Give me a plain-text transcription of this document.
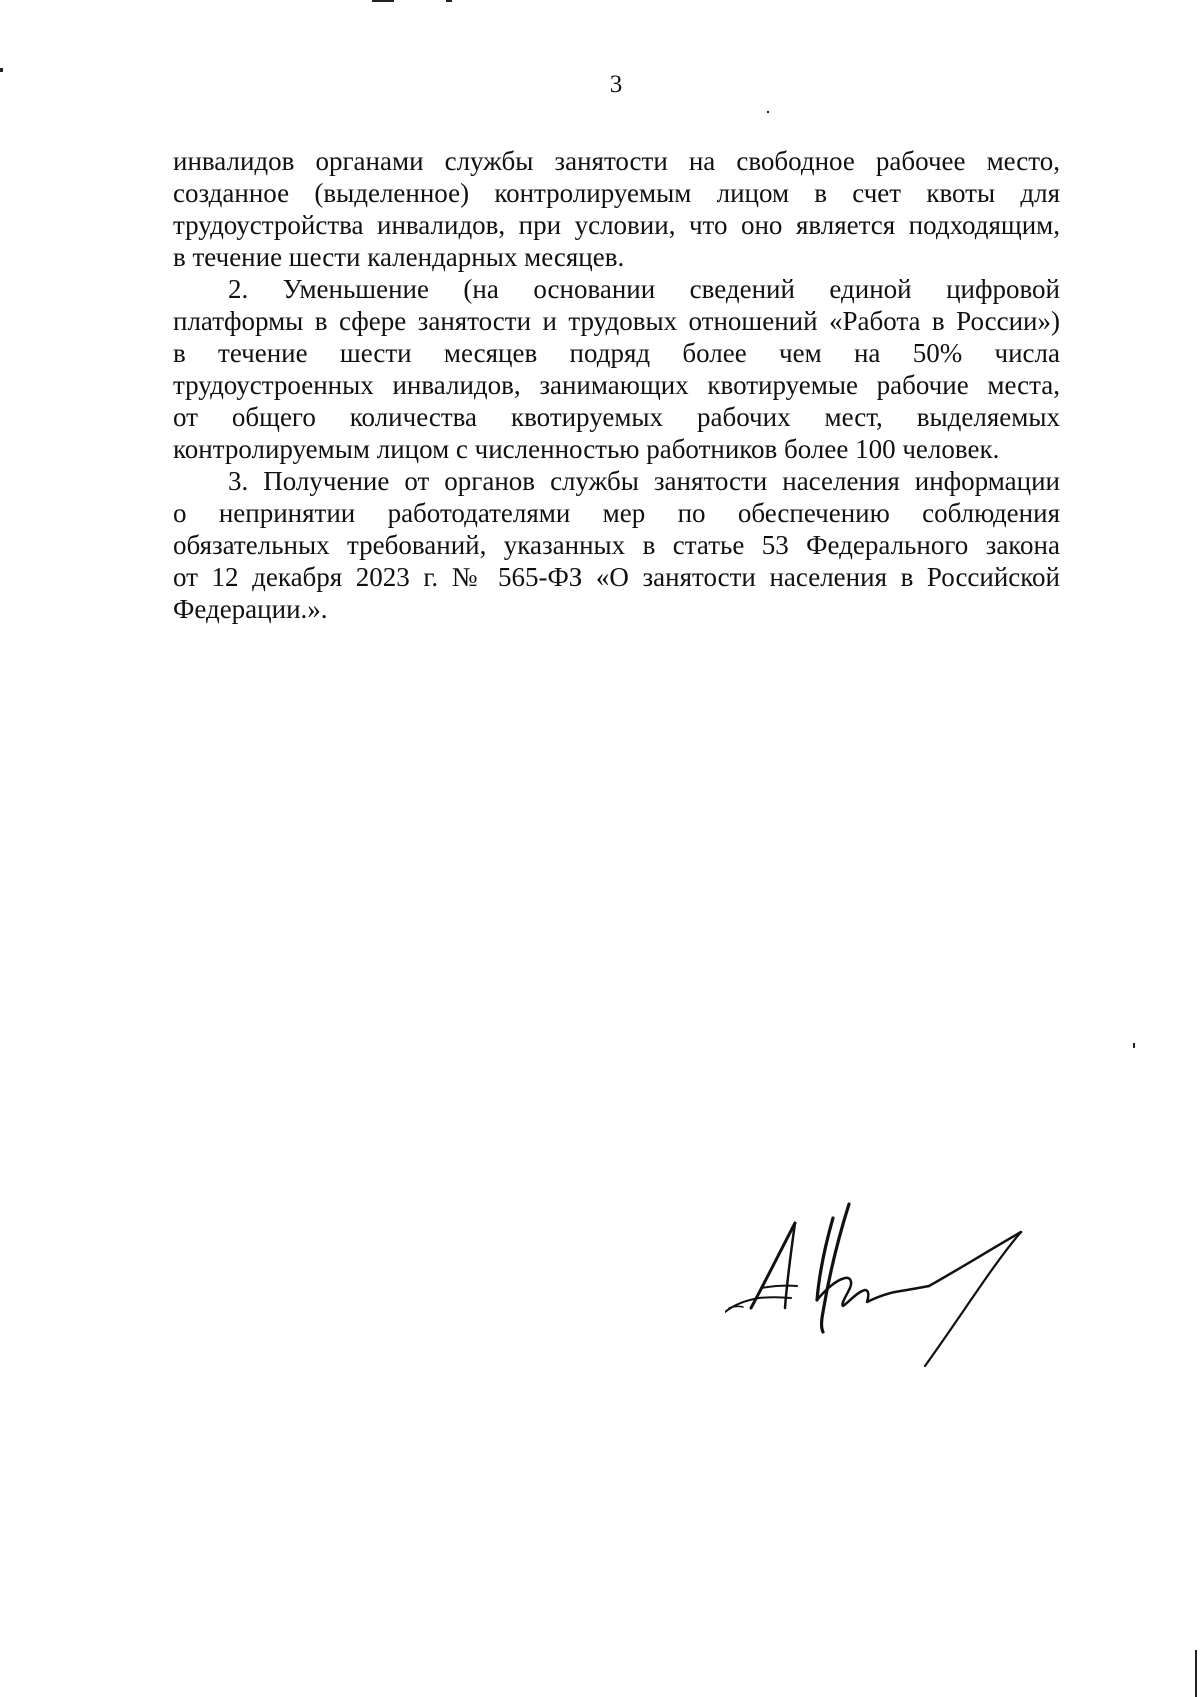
3
инвалидов органами службы занятости на свободное рабочее место,
созданное (выделенное) контролируемым лицом в счет квоты для
трудоустройства инвалидов, при условии, что оно является подходящим,
в течение шести календарных месяцев.
2. Уменьшение (на основании сведений единой цифровой
платформы в сфере занятости и трудовых отношений «Работа в России»)
в течение шести месяцев подряд более чем на 50% числа
трудоустроенных инвалидов, занимающих квотируемые рабочие места,
от общего количества квотируемых рабочих мест, выделяемых
контролируемым лицом с численностью работников более 100 человек.
3. Получение от органов службы занятости населения информации
о непринятии работодателями мер по обеспечению соблюдения
обязательных требований, указанных в статье 53 Федерального закона
от 12 декабря 2023 г. № 565-ФЗ «О занятости населения в Российской
Федерации.».
